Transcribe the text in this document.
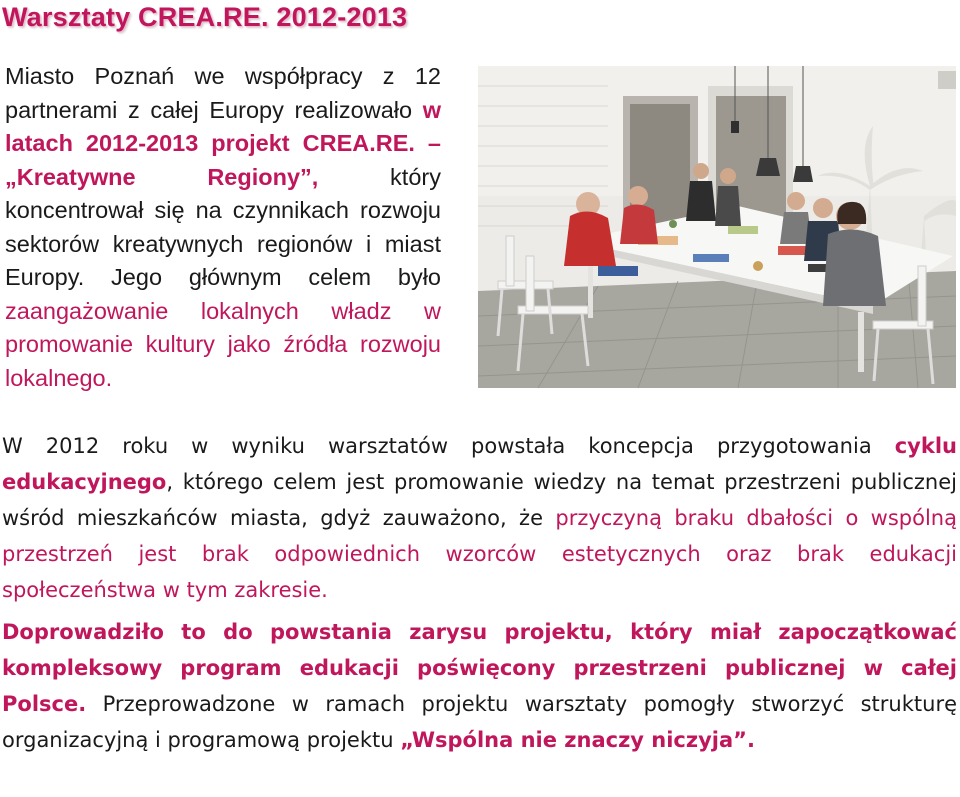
Warsztaty CREA.RE. 2012-2013
Miasto Poznań we współpracy z 12 partnerami z całej Europy realizowało w latach 2012-2013 projekt CREA.RE. – „Kreatywne Regiony”, który koncentrował się na czynnikach rozwoju sektorów kreatywnych regionów i miast Europy. Jego głównym celem było zaangażowanie lokalnych władz w promowanie kultury jako źródła rozwoju lokalnego.
W 2012 roku w wyniku warsztatów powstała koncepcja przygotowania cyklu edukacyjnego, którego celem jest promowanie wiedzy na temat przestrzeni publicznej wśród mieszkańców miasta, gdyż zauważono, że przyczyną braku dbałości o wspólną przestrzeń jest brak odpowiednich wzorców estetycznych oraz brak edukacji społeczeństwa w tym zakresie.
Doprowadziło to do powstania zarysu projektu, który miał zapoczątkować kompleksowy program edukacji poświęcony przestrzeni publicznej w całej Polsce. Przeprowadzone w ramach projektu warsztaty pomogły stworzyć strukturę organizacyjną i programową projektu „Wspólna nie znaczy niczyja”.
